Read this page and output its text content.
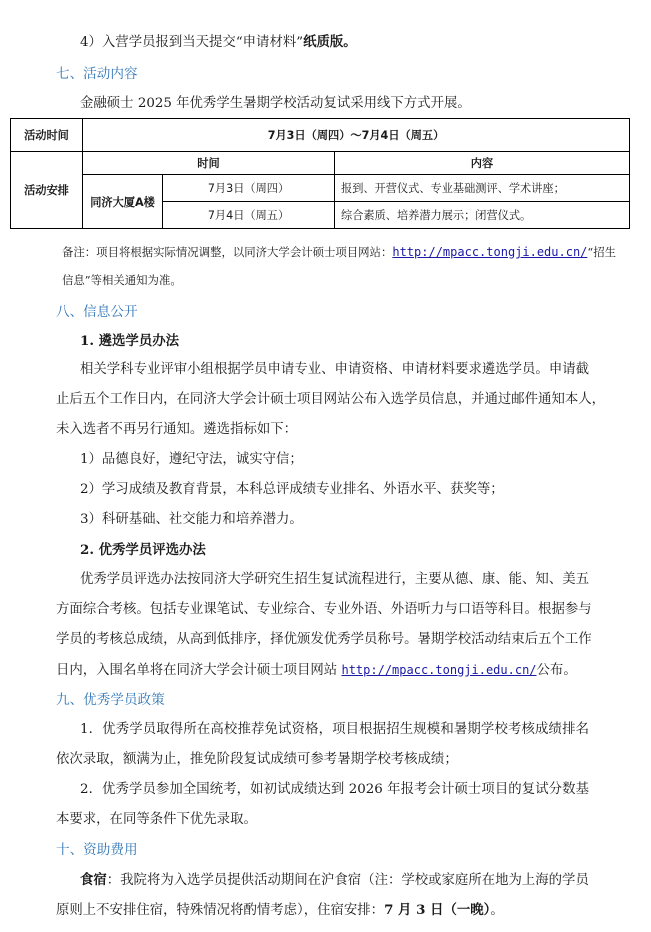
4）入营学员报到当天提交“申请材料”纸质版。
七、活动内容
金融硕士 2025 年优秀学生暑期学校活动复试采用线下方式开展。
活动时间	7月3日（周四）～7月4日（周五）		
活动安排	时间		内容
	同济大厦A楼	7月3日（周四）	报到、开营仪式、专业基础测评、学术讲座；
		7月4日（周五）	综合素质、培养潜力展示；闭营仪式。
备注：项目将根据实际情况调整，以同济大学会计硕士项目网站：http://mpacc.tongji.edu.cn/“招生
信息”等相关通知为准。
八、信息公开
1. 遴选学员办法
相关学科专业评审小组根据学员申请专业、申请资格、申请材料要求遴选学员。申请截
止后五个工作日内，在同济大学会计硕士项目网站公布入选学员信息，并通过邮件通知本人，
未入选者不再另行通知。遴选指标如下：
1）品德良好，遵纪守法，诚实守信；
2）学习成绩及教育背景，本科总评成绩专业排名、外语水平、获奖等；
3）科研基础、社交能力和培养潜力。
2. 优秀学员评选办法
优秀学员评选办法按同济大学研究生招生复试流程进行，主要从德、康、能、知、美五
方面综合考核。包括专业课笔试、专业综合、专业外语、外语听力与口语等科目。根据参与
学员的考核总成绩，从高到低排序，择优颁发优秀学员称号。暑期学校活动结束后五个工作
日内，入围名单将在同济大学会计硕士项目网站 http://mpacc.tongji.edu.cn/公布。
九、优秀学员政策
1．优秀学员取得所在高校推荐免试资格，项目根据招生规模和暑期学校考核成绩排名
依次录取，额满为止，推免阶段复试成绩可参考暑期学校考核成绩；
2．优秀学员参加全国统考，如初试成绩达到 2026 年报考会计硕士项目的复试分数基
本要求，在同等条件下优先录取。
十、资助费用
食宿：我院将为入选学员提供活动期间在沪食宿（注：学校或家庭所在地为上海的学员
原则上不安排住宿，特殊情况将酌情考虑），住宿安排：7 月 3 日（一晚）。
